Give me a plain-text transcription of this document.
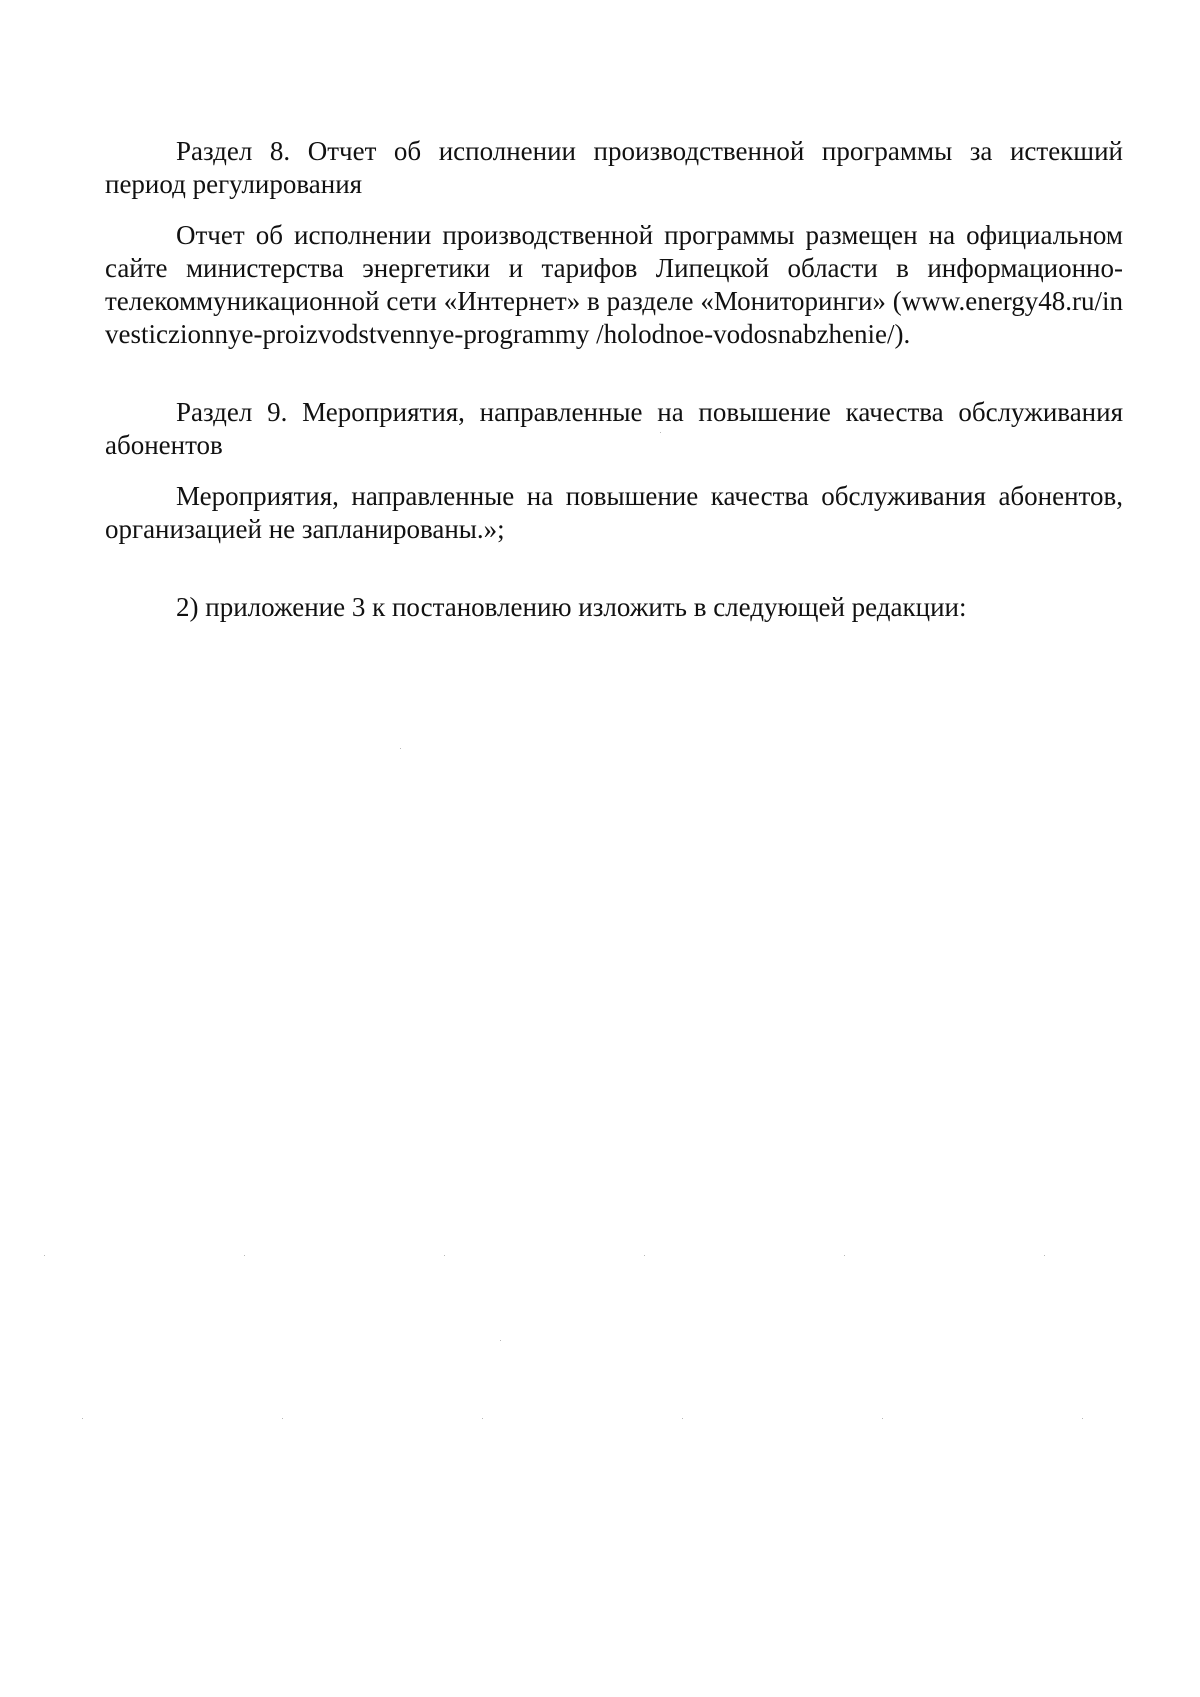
Раздел 8. Отчет об исполнении производственной программы за истекший период регулирования

Отчет об исполнении производственной программы размещен на официальном сайте министерства энергетики и тарифов Липецкой области в информационно-телекоммуникационной сети «Интернет» в разделе «Мониторинги» (www.energy48.ru/investiczionnye-proizvodstvennye-programmy /holodnoe-vodosnabzhenie/).

Раздел 9. Мероприятия, направленные на повышение качества обслуживания абонентов

Мероприятия, направленные на повышение качества обслуживания абонентов, организацией не запланированы.»;

2) приложение 3 к постановлению изложить в следующей редакции:
